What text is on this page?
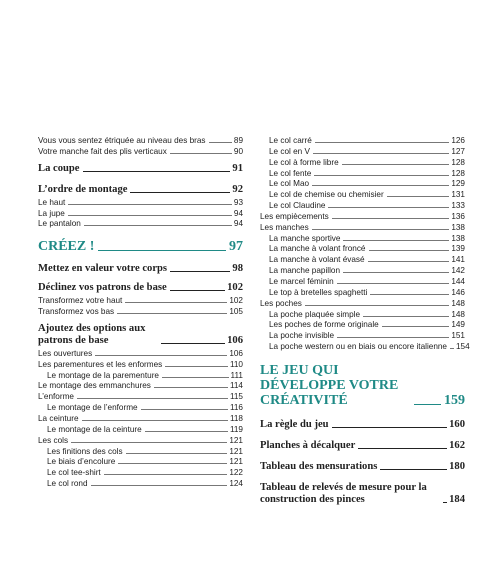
Vous vous sentez étriquée au niveau des bras	89
Votre manche fait des plis verticaux	90
La coupe	91
L’ordre de montage	92
Le haut	93
La jupe	94
Le pantalon	94
CRÉEZ !	97
Mettez en valeur votre corps	98
Déclinez vos patrons de base	102
Transformez votre haut	102
Transformez vos bas	105
Ajoutez des options aux patrons de base	106
Les ouvertures	106
Les parementures et les enformes	110
Le montage de la parementure	111
Le montage des emmanchures	114
L’enforme	115
Le montage de l’enforme	116
La ceinture	118
Le montage de la ceinture	119
Les cols	121
Les finitions des cols	121
Le biais d’encolure	121
Le col tee-shirt	122
Le col rond	124
Le col carré	126
Le col en V	127
Le col à forme libre	128
Le col fente	128
Le col Mao	129
Le col de chemise ou chemisier	131
Le col Claudine	133
Les empiècements	136
Les manches	138
La manche sportive	138
La manche à volant froncé	139
La manche à volant évasé	141
La manche papillon	142
Le marcel féminin	144
Le top à bretelles spaghetti	146
Les poches	148
La poche plaquée simple	148
Les poches de forme originale	149
La poche invisible	151
La poche western ou en biais ou encore italienne 154
LE JEU QUI DÉVELOPPE VOTRE CRÉATIVITÉ	159
La règle du jeu	160
Planches à décalquer	162
Tableau des mensurations	180
Tableau de relevés de mesure pour la construction des pinces	184
